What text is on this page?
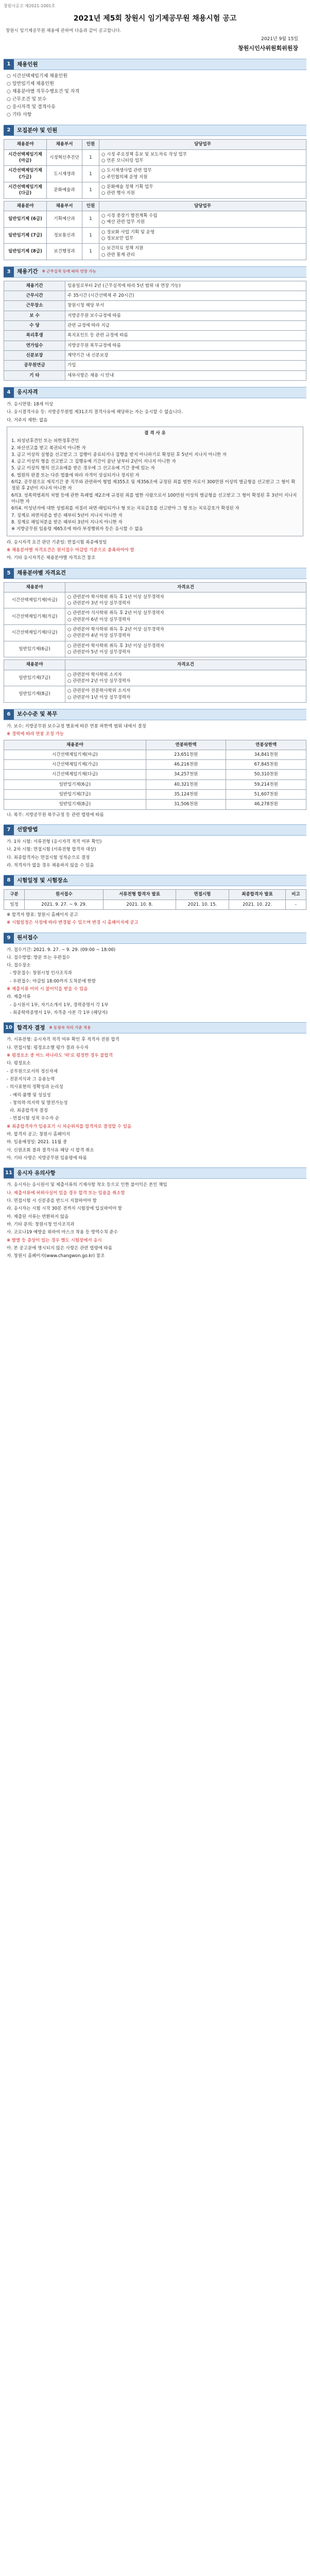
창원시공고 제2021-1001호
2021년 제5회 창원시 임기제공무원 채용시험 공고
창원시 임기제공무원 채용에 관하여 다음과 같이 공고합니다.
2021년 9월 15일
창원시인사위원회위원장
1	채용인원
○ 시간선택제임기제 채용인원
○ 일반임기제 채용인원
○ 채용분야별 직무수행요건 및 자격
○ 근무조건 및 보수
○ 응시자격 및 결격사유
○ 기타 사항
2	모집분야 및 인원
채용분야	채용부서	인원	담당업무
시간선택제임기제 (마급)	시정혁신추진단	1	○ 시정 주요정책 홍보 및 보도자료 작성 업무
○ 언론 모니터링 업무
시간선택제임기제 (가급)	도시재생과	1	○ 도시재생사업 관련 업무
○ 주민협의체 운영 지원
시간선택제임기제 (다급)	문화예술과	1	○ 문화예술 정책 기획 업무
○ 관련 행사 지원
채용분야	채용부서	인원	담당업무
일반임기제 (6급)	기획예산과	1	○ 시정 중장기 발전계획 수립
○ 예산 관련 업무 지원
일반임기제 (7급)	정보통신과	1	○ 정보화 사업 기획 및 운영
○ 정보보안 업무
일반임기제 (8급)	보건행정과	1	○ 보건의료 정책 지원
○ 관련 통계 관리
3	채용기간 ※ 근무실적 등에 따라 연장 가능
채용기간	임용일로부터 2년 (근무실적에 따라 5년 범위 내 연장 가능)
근무시간	주 35시간 (시간선택제 주 20시간)
근무장소	창원시청 해당 부서
보 수	지방공무원 보수규정에 따름
수 당	관련 규정에 따라 지급
복리후생	복지포인트 등 관련 규정에 따름
연가일수	지방공무원 복무규정에 따름
신분보장	계약기간 내 신분보장
공무원연금	가입
기 타	세부사항은 채용 시 안내
4	응시자격
가. 응시연령: 18세 이상
나. 응시결격사유 등: 지방공무원법 제31조의 결격사유에 해당하는 자는 응시할 수 없습니다.
다. 거주지 제한: 없음
결 격 사 유
1. 피성년후견인 또는 피한정후견인
2. 파산선고를 받고 복권되지 아니한 자
3. 금고 이상의 실형을 선고받고 그 집행이 종료되거나 집행을 받지 아니하기로 확정된 후 5년이 지나지 아니한 자
4. 금고 이상의 형을 선고받고 그 집행유예 기간이 끝난 날부터 2년이 지나지 아니한 자
5. 금고 이상의 형의 선고유예를 받은 경우에 그 선고유예 기간 중에 있는 자
6. 법원의 판결 또는 다른 법률에 따라 자격이 상실되거나 정지된 자
6의2. 공무원으로 재직기간 중 직무와 관련하여 형법 제355조 및 제356조에 규정된 죄를 범한 자로서 300만원 이상의 벌금형을 선고받고 그 형이 확정된 후 2년이 지나지 아니한 자
6의3. 성폭력범죄의 처벌 등에 관한 특례법 제2조에 규정된 죄를 범한 사람으로서 100만원 이상의 벌금형을 선고받고 그 형이 확정된 후 3년이 지나지 아니한 자
6의4. 미성년자에 대한 성범죄를 저질러 파면·해임되거나 형 또는 치료감호를 선고받아 그 형 또는 치료감호가 확정된 자
7. 징계로 파면처분을 받은 때부터 5년이 지나지 아니한 자
8. 징계로 해임처분을 받은 때부터 3년이 지나지 아니한 자
※ 지방공무원 임용령 제65조에 따라 부정행위자 등은 응시할 수 없음
라. 응시자격 요건 판단 기준일: 면접시험 최종예정일
※ 채용분야별 자격요건은 원서접수 마감일 기준으로 충족하여야 함
마. 기타 응시자격은 채용분야별 자격요건 참조
5	채용분야별 자격요건
채용분야	자격요건
시간선택제임기제(마급)	○ 관련분야 학사학위 취득 후 1년 이상 실무경력자
○ 관련분야 3년 이상 실무경력자
시간선택제임기제(가급)	○ 관련분야 석사학위 취득 후 2년 이상 실무경력자
○ 관련분야 6년 이상 실무경력자
시간선택제임기제(다급)	○ 관련분야 학사학위 취득 후 2년 이상 실무경력자
○ 관련분야 4년 이상 실무경력자
일반임기제(6급)	○ 관련분야 학사학위 취득 후 3년 이상 실무경력자
○ 관련분야 5년 이상 실무경력자
채용분야	자격요건
일반임기제(7급)	○ 관련분야 학사학위 소지자
○ 관련분야 2년 이상 실무경력자
일반임기제(8급)	○ 관련분야 전문학사학위 소지자
○ 관련분야 1년 이상 실무경력자
6	보수수준 및 복무
가. 보수: 지방공무원 보수규정 별표에 따른 연봉 하한액 범위 내에서 결정
※ 경력에 따라 연봉 조정 가능
채용분야	연봉하한액	연봉상한액
시간선택제임기제(마급)	23,651천원	34,841천원
시간선택제임기제(가급)	46,216천원	67,845천원
시간선택제임기제(다급)	34,257천원	50,310천원
일반임기제(6급)	40,321천원	59,214천원
일반임기제(7급)	35,124천원	51,607천원
일반임기제(8급)	31,506천원	46,278천원
나. 복무: 지방공무원 복무규정 등 관련 법령에 따름
7	선발방법
가. 1차 시험: 서류전형 (응시자격 적격 여부 확인)
나. 2차 시험: 면접시험 (서류전형 합격자 대상)
다. 최종합격자는 면접시험 성적순으로 결정
라. 적격자가 없을 경우 채용하지 않을 수 있음
8	시험일정 및 시험장소
구분	원서접수	서류전형 합격자 발표	면접시험	최종합격자 발표	비고
일정	2021. 9. 27. ~ 9. 29.	2021. 10. 8.	2021. 10. 15.	2021. 10. 22.	-
※ 합격자 발표: 창원시 홈페이지 공고
※ 시험일정은 사정에 따라 변경될 수 있으며 변경 시 홈페이지에 공고
9	원서접수
가. 접수기간: 2021. 9. 27. ~ 9. 29. (09:00 ~ 18:00)
나. 접수방법: 방문 또는 우편접수
다. 접수장소
- 방문접수: 창원시청 인사조직과
- 우편접수: 마감일 18:00까지 도착분에 한함
※ 제출서류 미비 시 불이익을 받을 수 있음
라. 제출서류
- 응시원서 1부, 자기소개서 1부, 경력증명서 각 1부
- 최종학력증명서 1부, 자격증 사본 각 1부 (해당자)
10 합격자 결정 ※ 동점자 처리 기준 적용
가. 서류전형: 응시자격 적격 여부 확인 후 적격자 전원 합격
나. 면접시험: 평정요소별 평가 결과 우수자
※ 평정요소 중 어느 하나라도 '하'로 평정한 경우 불합격
다. 평정요소
- 공무원으로서의 정신자세
- 전문지식과 그 응용능력
- 의사표현의 정확성과 논리성
- 예의·품행 및 성실성
- 창의력·의지력 및 발전가능성
라. 최종합격자 결정
- 면접시험 성적 우수자 순
※ 최종합격자가 임용포기 시 차순위자를 합격자로 결정할 수 있음
마. 합격자 공고: 창원시 홈페이지
바. 임용예정일: 2021. 11월 중
사. 신원조회 결과 결격사유 해당 시 합격 취소
아. 기타 사항은 지방공무원 임용령에 따름
11 응시자 유의사항
가. 응시자는 응시원서 및 제출서류의 기재사항 착오 등으로 인한 불이익은 본인 책임
나. 제출서류에 허위사실이 있을 경우 합격 또는 임용을 취소함
다. 면접시험 시 신분증을 반드시 지참하여야 함
라. 응시자는 시험 시작 30분 전까지 시험장에 입실하여야 함
마. 제출된 서류는 반환하지 않음
바. 기타 문의: 창원시청 인사조직과
사. 코로나19 예방을 위하여 마스크 착용 등 방역수칙 준수
※ 발열 등 증상이 있는 경우 별도 시험장에서 응시
아. 본 공고문에 명시되지 않은 사항은 관련 법령에 따름
자. 창원시 홈페이지(www.changwon.go.kr) 참조
